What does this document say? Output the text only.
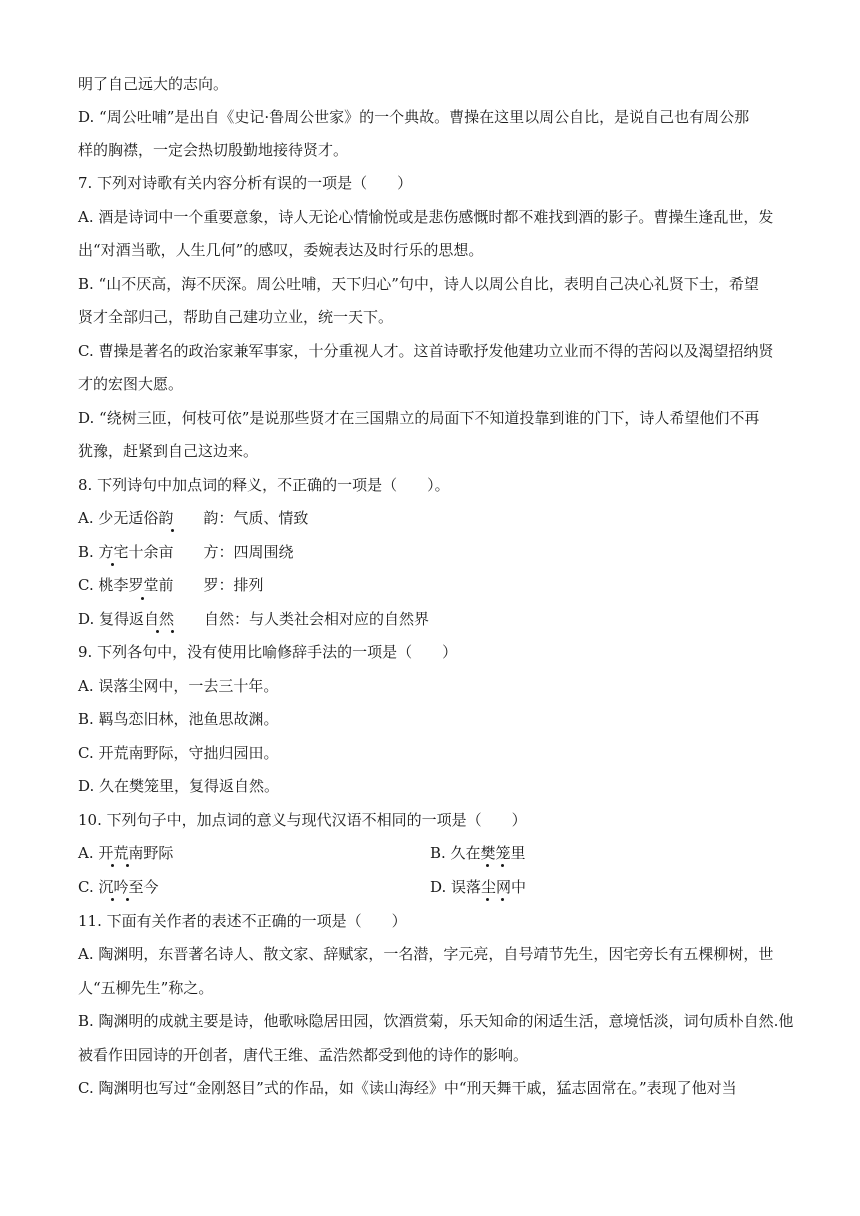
明了自己远大的志向。
D. “周公吐哺”是出自《史记·鲁周公世家》的一个典故。曹操在这里以周公自比，是说自己也有周公那
样的胸襟，一定会热切殷勤地接待贤才。
7. 下列对诗歌有关内容分析有误的一项是（　　）
A. 酒是诗词中一个重要意象，诗人无论心情愉悦或是悲伤感慨时都不难找到酒的影子。曹操生逢乱世，发
出“对酒当歌，人生几何”的感叹，委婉表达及时行乐的思想。
B. “山不厌高，海不厌深。周公吐哺，天下归心”句中，诗人以周公自比，表明自己决心礼贤下士，希望
贤才全部归己，帮助自己建功立业，统一天下。
C. 曹操是著名的政治家兼军事家，十分重视人才。这首诗歌抒发他建功立业而不得的苦闷以及渴望招纳贤
才的宏图大愿。
D. “绕树三匝，何枝可依”是说那些贤才在三国鼎立的局面下不知道投靠到谁的门下，诗人希望他们不再
犹豫，赶紧到自己这边来。
8. 下列诗句中加点词的释义，不正确的一项是（　　）。
A. 少无适俗韵　　韵：气质、情致
B. 方宅十余亩　　方：四周围绕
C. 桃李罗堂前　　罗：排列
D. 复得返自然　　自然：与人类社会相对应的自然界
9. 下列各句中，没有使用比喻修辞手法的一项是（　　）
A. 误落尘网中，一去三十年。
B. 羁鸟恋旧林，池鱼思故渊。
C. 开荒南野际，守拙归园田。
D. 久在樊笼里，复得返自然。
10. 下列句子中，加点词的意义与现代汉语不相同的一项是（　　）
A. 开荒南野际	B. 久在樊笼里
C. 沉吟至今	D. 误落尘网中
11. 下面有关作者的表述不正确的一项是（　　）
A. 陶渊明，东晋著名诗人、散文家、辞赋家，一名潜，字元亮，自号靖节先生，因宅旁长有五棵柳树，世
人“五柳先生”称之。
B. 陶渊明的成就主要是诗，他歌咏隐居田园，饮酒赏菊，乐天知命的闲适生活，意境恬淡，词句质朴自然.他
被看作田园诗的开创者，唐代王维、孟浩然都受到他的诗作的影响。
C. 陶渊明也写过“金刚怒目”式的作品，如《读山海经》中“刑天舞干戚，猛志固常在。”表现了他对当
